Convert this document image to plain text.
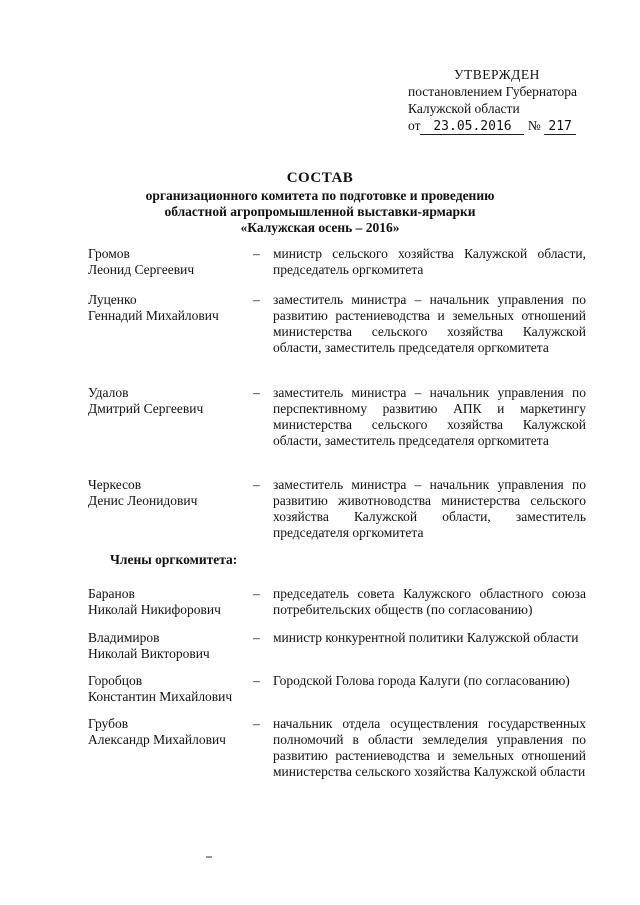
УТВЕРЖДЕН
постановлением Губернатора
Калужской области
от 23.05.2016 № 217
СОСТАВ
организационного комитета по подготовке и проведению
областной агропромышленной выставки-ярмарки
«Калужская осень – 2016»
Громов
Леонид Сергеевич
– министр сельского хозяйства Калужской области, председатель оргкомитета
Луценко
Геннадий Михайлович
– заместитель министра – начальник управления по развитию растениеводства и земельных отношений министерства сельского хозяйства Калужской области, заместитель председателя оргкомитета
Удалов
Дмитрий Сергеевич
– заместитель министра – начальник управления по перспективному развитию АПК и маркетингу министерства сельского хозяйства Калужской области, заместитель председателя оргкомитета
Черкесов
Денис Леонидович
– заместитель министра – начальник управления по развитию животноводства министерства сельского хозяйства Калужской области, заместитель председателя оргкомитета
Члены оргкомитета:
Баранов
Николай Никифорович
– председатель совета Калужского областного союза потребительских обществ (по согласованию)
Владимиров
Николай Викторович
– министр конкурентной политики Калужской области
Горобцов
Константин Михайлович
– Городской Голова города Калуги (по согласованию)
Грубов
Александр Михайлович
– начальник отдела осуществления государственных полномочий в области земледелия управления по развитию растениеводства и земельных отношений министерства сельского хозяйства Калужской области
